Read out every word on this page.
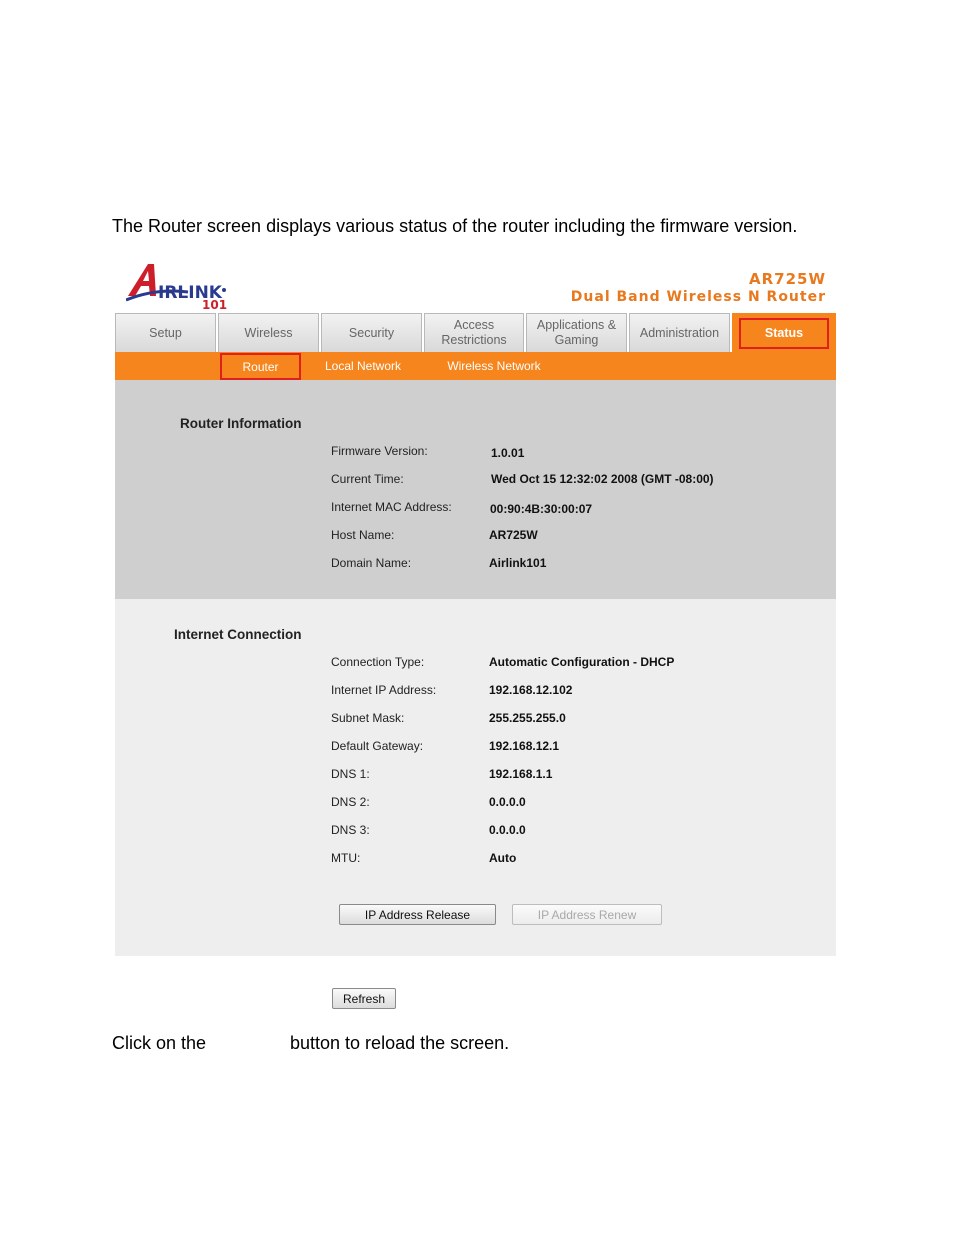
The Router screen displays various status of the router including the firmware version.
IRLINK
101
AR725W
Dual Band Wireless N Router
Setup	Wireless	Security
Access Restrictions
Applications & Gaming
Administration	Status
Router	Local Network	Wireless Network
Router Information
Firmware Version:	1.0.01
Current Time:	Wed Oct 15 12:32:02 2008 (GMT -08:00)
Internet MAC Address:	00:90:4B:30:00:07
Host Name:	AR725W
Domain Name:	Airlink101
Internet Connection
Connection Type:	Automatic Configuration - DHCP
Internet IP Address:	192.168.12.102
Subnet Mask:	255.255.255.0
Default Gateway:	192.168.12.1
DNS 1:	192.168.1.1
DNS 2:	0.0.0.0
DNS 3:	0.0.0.0
MTU:	Auto
IP Address Release	IP Address Renew
Refresh
Click on the	button to reload the screen.
